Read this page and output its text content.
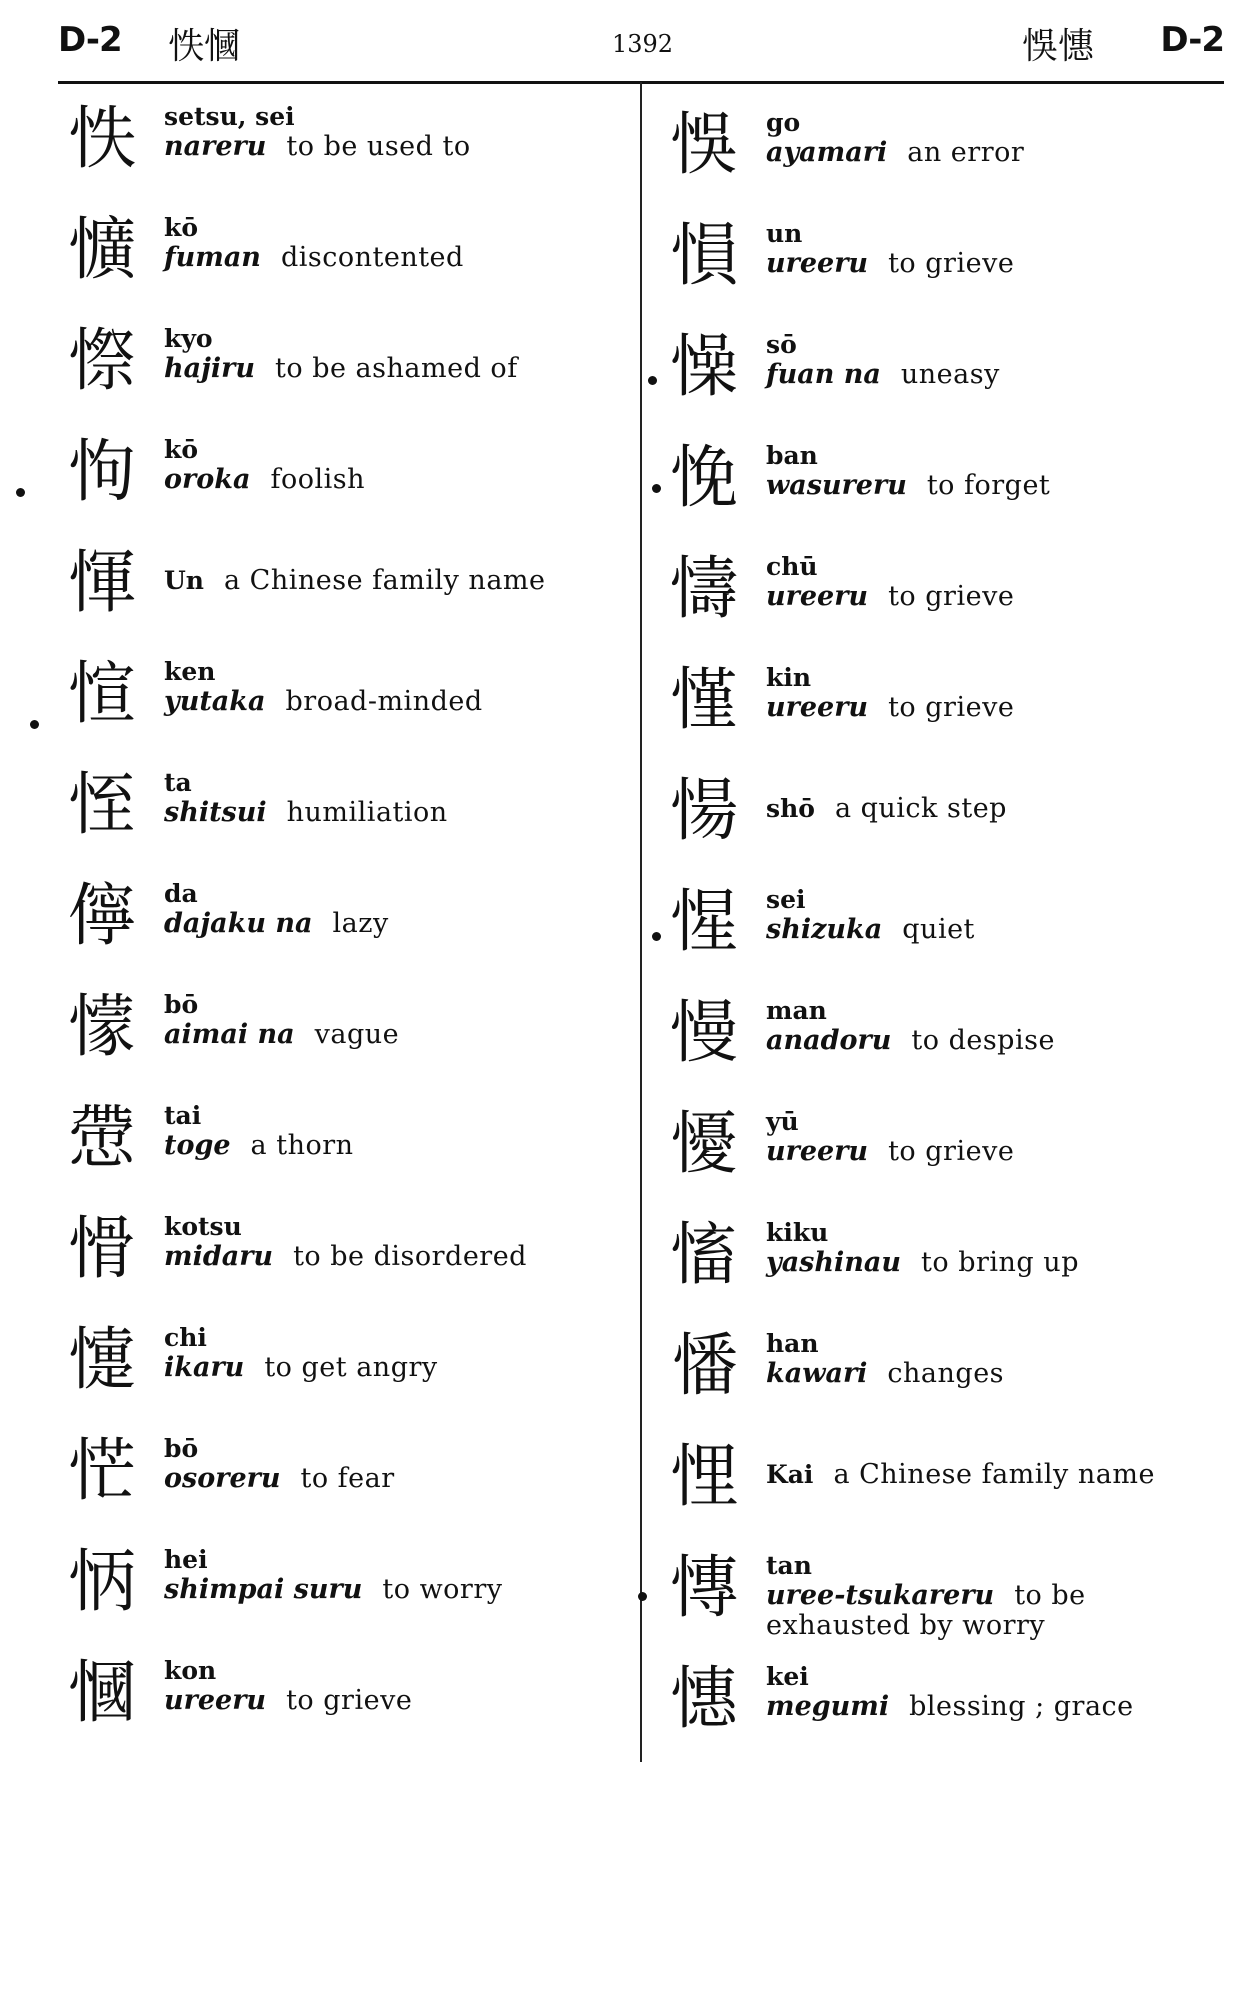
D-2 怢慖	1392	悞憓 D-2
怢 setsu, sei
nareru to be used to
懭 kō
fuman discontented
憏 kyo
hajiru to be ashamed of
怐 kō
oroka foolish
惲 Un a Chinese family name
愃 ken
yutaka broad-minded
恎 ta
shitsui humiliation
儜 da
dajaku na lazy
懞 bō
aimai na vague
慸 tai
toge a thorn
愲 kotsu
midaru to be disordered
懥 chi
ikaru to get angry
恾 bō
osoreru to fear
怲 hei
shimpai suru to worry
慖 kon
ureeru to grieve
悞 go
ayamari an error
愪 un
ureeru to grieve
懆 sō
fuan na uneasy
悗 ban
wasureru to forget
懤 chū
ureeru to grieve
慬 kin
ureeru to grieve
愓 shō a quick step
惺 sei
shizuka quiet
慢 man
anadoru to despise
懮 yū
ureeru to grieve
慉 kiku
yashinau to bring up
憣 han
kawari changes
悝 Kai a Chinese family name
慱 tan
uree-tsukareru to be exhausted by worry
憓 kei
megumi blessing ; grace
